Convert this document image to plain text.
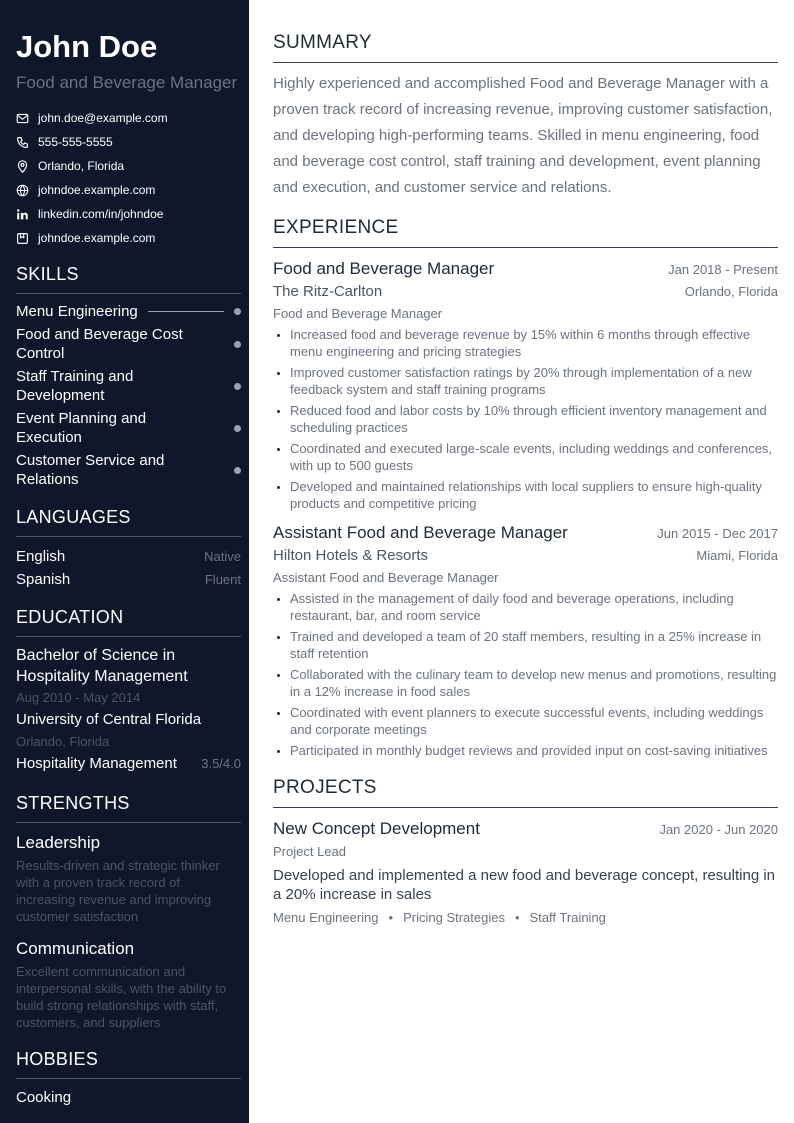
John Doe
Food and Beverage Manager
john.doe@example.com
555-555-5555
Orlando, Florida
johndoe.example.com
linkedin.com/in/johndoe
johndoe.example.com
SKILLS
Menu Engineering
Food and Beverage Cost Control
Staff Training and Development
Event Planning and Execution
Customer Service and Relations
LANGUAGES
English	Native
Spanish	Fluent
EDUCATION
Bachelor of Science in Hospitality Management
Aug 2010 - May 2014
University of Central Florida
Orlando, Florida
Hospitality Management 3.5/4.0
STRENGTHS
Leadership
Results-driven and strategic thinker with a proven track record of increasing revenue and improving customer satisfaction
Communication
Excellent communication and interpersonal skills, with the ability to build strong relationships with staff, customers, and suppliers
HOBBIES
Cooking
SUMMARY
Highly experienced and accomplished Food and Beverage Manager with a proven track record of increasing revenue, improving customer satisfaction, and developing high-performing teams. Skilled in menu engineering, food and beverage cost control, staff training and development, event planning and execution, and customer service and relations.
EXPERIENCE
Food and Beverage Manager	Jan 2018 - Present
The Ritz-Carlton	Orlando, Florida
Food and Beverage Manager
• Increased food and beverage revenue by 15% within 6 months through effective menu engineering and pricing strategies
• Improved customer satisfaction ratings by 20% through implementation of a new feedback system and staff training programs
• Reduced food and labor costs by 10% through efficient inventory management and scheduling practices
• Coordinated and executed large-scale events, including weddings and conferences, with up to 500 guests
• Developed and maintained relationships with local suppliers to ensure high-quality products and competitive pricing
Assistant Food and Beverage Manager	Jun 2015 - Dec 2017
Hilton Hotels & Resorts	Miami, Florida
Assistant Food and Beverage Manager
• Assisted in the management of daily food and beverage operations, including restaurant, bar, and room service
• Trained and developed a team of 20 staff members, resulting in a 25% increase in staff retention
• Collaborated with the culinary team to develop new menus and promotions, resulting in a 12% increase in food sales
• Coordinated with event planners to execute successful events, including weddings and corporate meetings
• Participated in monthly budget reviews and provided input on cost-saving initiatives
PROJECTS
New Concept Development	Jan 2020 - Jun 2020
Project Lead
Developed and implemented a new food and beverage concept, resulting in a 20% increase in sales
Menu Engineering • Pricing Strategies • Staff Training
